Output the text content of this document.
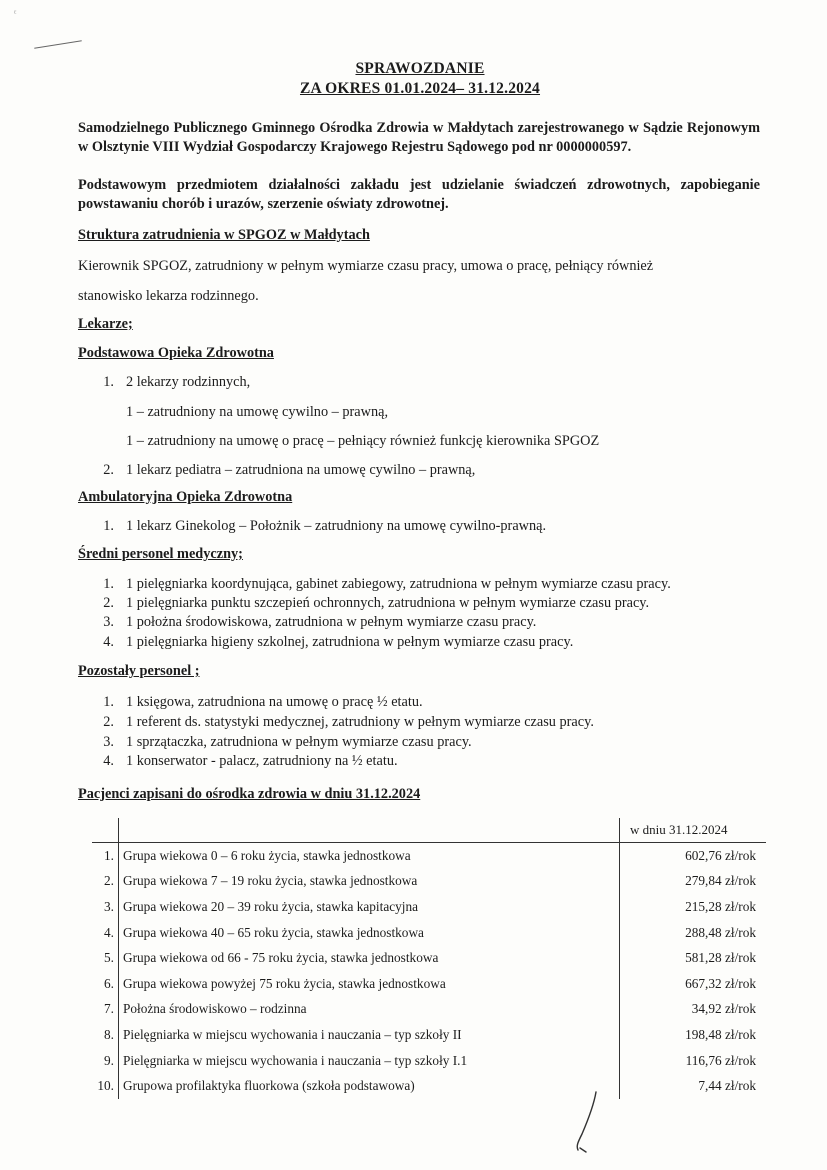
ᵋ
SPRAWOZDANIE
ZA OKRES 01.01.2024– 31.12.2024
Samodzielnego Publicznego Gminnego Ośrodka Zdrowia w Małdytach zarejestrowanego w Sądzie Rejonowym w Olsztynie VIII Wydział Gospodarczy Krajowego Rejestru Sądowego pod nr 0000000597.
Podstawowym przedmiotem działalności zakładu jest udzielanie świadczeń zdrowotnych, zapobieganie powstawaniu chorób i urazów, szerzenie oświaty zdrowotnej.
Struktura zatrudnienia w SPGOZ w Małdytach
Kierownik SPGOZ, zatrudniony w pełnym wymiarze czasu pracy, umowa o pracę, pełniący również
stanowisko lekarza rodzinnego.
Lekarze;
Podstawowa Opieka Zdrowotna
1. 2 lekarzy rodzinnych,
1 – zatrudniony na umowę cywilno – prawną,
1 – zatrudniony na umowę o pracę – pełniący również funkcję kierownika SPGOZ
2. 1 lekarz pediatra – zatrudniona na umowę cywilno – prawną,
Ambulatoryjna Opieka Zdrowotna
1. 1 lekarz Ginekolog – Położnik – zatrudniony na umowę cywilno-prawną.
Średni personel medyczny;
1. 1 pielęgniarka koordynująca, gabinet zabiegowy, zatrudniona w pełnym wymiarze czasu pracy.
2. 1 pielęgniarka punktu szczepień ochronnych, zatrudniona w pełnym wymiarze czasu pracy.
3. 1 położna środowiskowa, zatrudniona w pełnym wymiarze czasu pracy.
4. 1 pielęgniarka higieny szkolnej, zatrudniona w pełnym wymiarze czasu pracy.
Pozostały personel ;
1. 1 księgowa, zatrudniona na umowę o pracę ½ etatu.
2. 1 referent ds. statystyki medycznej, zatrudniony w pełnym wymiarze czasu pracy.
3. 1 sprzątaczka, zatrudniona w pełnym wymiarze czasu pracy.
4. 1 konserwator - palacz, zatrudniony na ½ etatu.
Pacjenci zapisani do ośrodka zdrowia w dniu 31.12.2024
		w dniu 31.12.2024
1.	Grupa wiekowa 0 – 6 roku życia, stawka jednostkowa	602,76 zł/rok
2.	Grupa wiekowa 7 – 19 roku życia, stawka jednostkowa	279,84 zł/rok
3.	Grupa wiekowa 20 – 39 roku życia, stawka kapitacyjna	215,28 zł/rok
4.	Grupa wiekowa 40 – 65 roku życia, stawka jednostkowa	288,48 zł/rok
5.	Grupa wiekowa od 66 - 75 roku życia, stawka jednostkowa	581,28 zł/rok
6.	Grupa wiekowa powyżej 75 roku życia, stawka jednostkowa	667,32 zł/rok
7.	Położna środowiskowo – rodzinna	34,92 zł/rok
8.	Pielęgniarka w miejscu wychowania i nauczania – typ szkoły II	198,48 zł/rok
9.	Pielęgniarka w miejscu wychowania i nauczania – typ szkoły I.1	116,76 zł/rok
10.	Grupowa profilaktyka fluorkowa (szkoła podstawowa)	7,44 zł/rok
